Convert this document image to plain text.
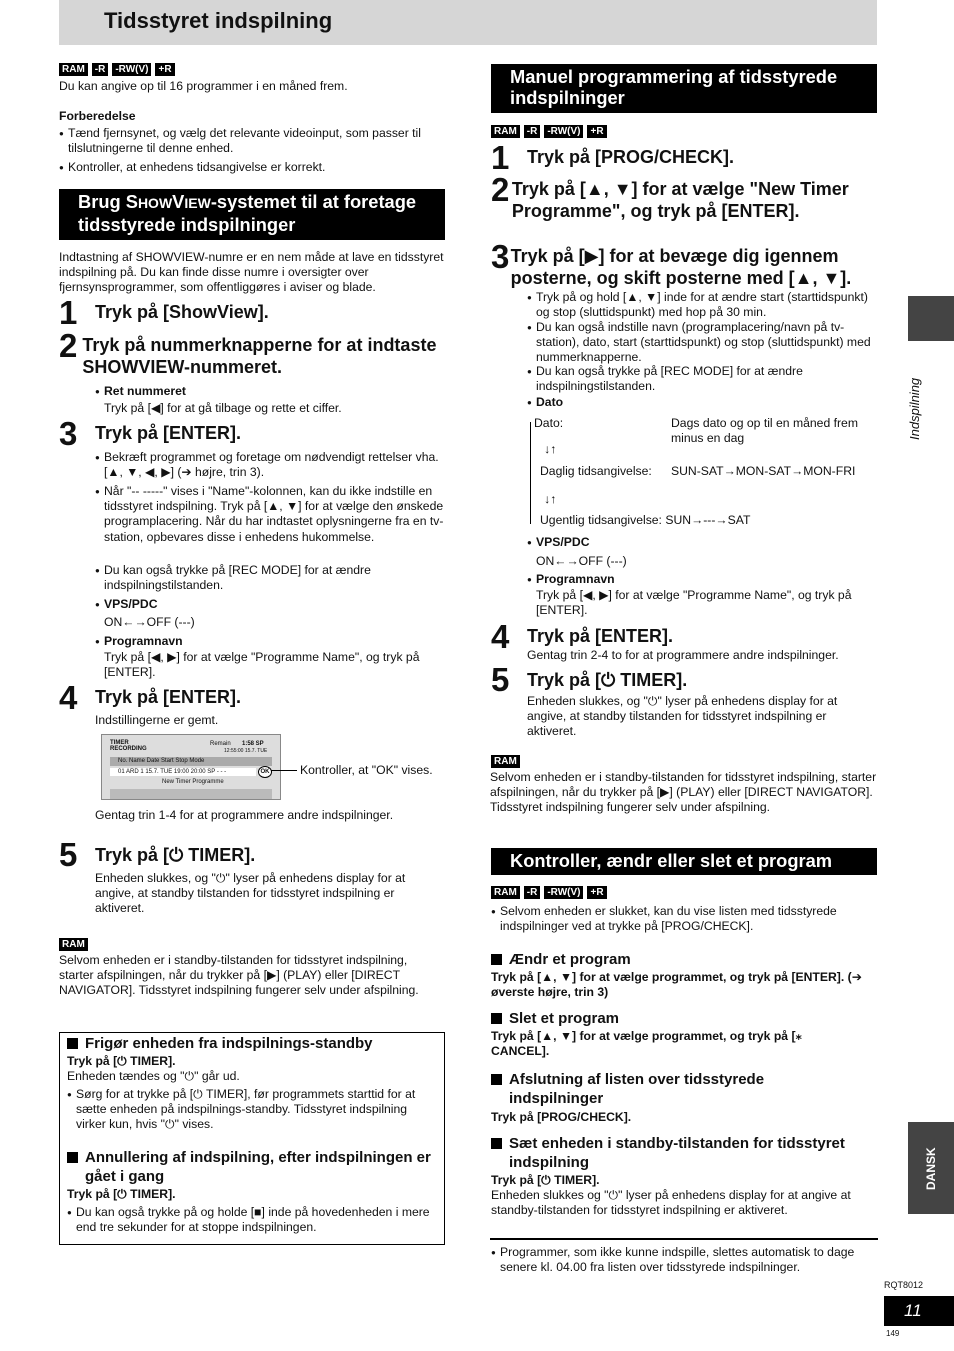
Tidsstyret indspilning
RAM	-R	-RW(V)	+R
Du kan angive op til 16 programmer i en måned frem.
Forberedelse
● Tænd fjernsynet, og vælg det relevante videoinput, som passer til tilslutningerne til denne enhed.
● Kontroller, at enhedens tidsangivelse er korrekt.
Brug SHOWVIEW-systemet til at foretage tidsstyrede indspilninger
Indtastning af SHOWVIEW-numre er en nem måde at lave en tidsstyret indspilning på. Du kan finde disse numre i oversigter over fjernsynsprogrammer, som offentliggøres i aviser og blade.
1 Tryk på [ShowView].
2 Tryk på nummerknapperne for at indtaste SHOWVIEW-nummeret.
● Ret nummeret
Tryk på [◀] for at gå tilbage og rette et ciffer.
3 Tryk på [ENTER].
● Bekræft programmet og foretage om nødvendigt rettelser vha. [▲, ▼, ◀, ▶] (➔ højre, trin 3).
● Når "-- -----" vises i "Name"-kolonnen, kan du ikke indstille en tidsstyret indspilning. Tryk på [▲, ▼] for at vælge den ønskede programplacering. Når du har indtastet oplysningerne fra en tv-station, opbevares disse i enhedens hukommelse.
● Du kan også trykke på [REC MODE] for at ændre indspilningstilstanden.
● VPS/PDC
ON←→OFF (---)
● Programnavn
Tryk på [◀, ▶] for at vælge "Programme Name", og tryk på [ENTER].
4 Tryk på [ENTER].
Indstillingerne er gemt.
TIMER
RECORDING
Remain 1:58 SP
12:55:00 15.7. TUE
No. Name Date Start Stop Mode
01 ARD 1 15.7. TUE 19:00 20:00 SP - - -
New Timer Programme
OK	Kontroller, at "OK" vises.
Gentag trin 1-4 for at programmere andre indspilninger.
5 Tryk på [⏻ TIMER].
Enheden slukkes, og "⏻" lyser på enhedens display for at angive, at standby tilstanden for tidsstyret indspilning er aktiveret.
RAM
Selvom enheden er i standby-tilstanden for tidsstyret indspilning, starter afspilningen, når du trykker på [▶] (PLAY) eller [DIRECT NAVIGATOR]. Tidsstyret indspilning fungerer selv under afspilning.
Frigør enheden fra indspilnings-standby
Tryk på [⏻ TIMER].
Enheden tændes og "⏻" går ud.
● Sørg for at trykke på [⏻ TIMER], før programmets starttid for at sætte enheden på indspilnings-standby. Tidsstyret indspilning virker kun, hvis "⏻" vises.
Annullering af indspilning, efter indspilningen er gået i gang
Tryk på [⏻ TIMER].
● Du kan også trykke på og holde [■] inde på hovedenheden i mere end tre sekunder for at stoppe indspilningen.
Manuel programmering af tidsstyrede indspilninger
RAM	-R	-RW(V)	+R
1 Tryk på [PROG/CHECK].
2 Tryk på [▲, ▼] for at vælge "New Timer Programme", og tryk på [ENTER].
3 Tryk på [▶] for at bevæge dig igennem posterne, og skift posterne med [▲, ▼].
● Tryk på og hold [▲, ▼] inde for at ændre start (starttidspunkt) og stop (sluttidspunkt) med hop på 30 min.
● Du kan også indstille navn (programplacering/navn på tv-station), dato, start (starttidspunkt) og stop (sluttidspunkt) med nummerknapperne.
● Du kan også trykke på [REC MODE] for at ændre indspilningstilstanden.
● Dato
Dato:	Dags dato og op til en måned frem minus en dag
↓↑
Daglig tidsangivelse: SUN-SAT→MON-SAT→MON-FRI
↓↑
Ugentlig tidsangivelse: SUN→---→SAT
● VPS/PDC
ON←→OFF (---)
● Programnavn
Tryk på [◀, ▶] for at vælge "Programme Name", og tryk på [ENTER].
4 Tryk på [ENTER].
Gentag trin 2-4 to for at programmere andre indspilninger.
5 Tryk på [⏻ TIMER].
Enheden slukkes, og "⏻" lyser på enhedens display for at angive, at standby tilstanden for tidsstyret indspilning er aktiveret.
RAM
Selvom enheden er i standby-tilstanden for tidsstyret indspilning, starter afspilningen, når du trykker på [▶] (PLAY) eller [DIRECT NAVIGATOR]. Tidsstyret indspilning fungerer selv under afspilning.
Kontroller, ændr eller slet et program
RAM	-R	-RW(V)	+R
● Selvom enheden er slukket, kan du vise listen med tidsstyrede indspilninger ved at trykke på [PROG/CHECK].
Ændr et program
Tryk på [▲, ▼] for at vælge programmet, og tryk på [ENTER]. (➔ øverste højre, trin 3)
Slet et program
Tryk på [▲, ▼] for at vælge programmet, og tryk på [⁎ CANCEL].
Afslutning af listen over tidsstyrede indspilninger
Tryk på [PROG/CHECK].
Sæt enheden i standby-tilstanden for tidsstyret indspilning
Tryk på [⏻ TIMER].
Enheden slukkes og "⏻" lyser på enhedens display for at angive at standby-tilstanden for tidsstyret indspilning er aktiveret.
● Programmer, som ikke kunne indspille, slettes automatisk to dage senere kl. 04.00 fra listen over tidsstyrede indspilninger.
Indspilning
DANSK
RQT8012
11
149
